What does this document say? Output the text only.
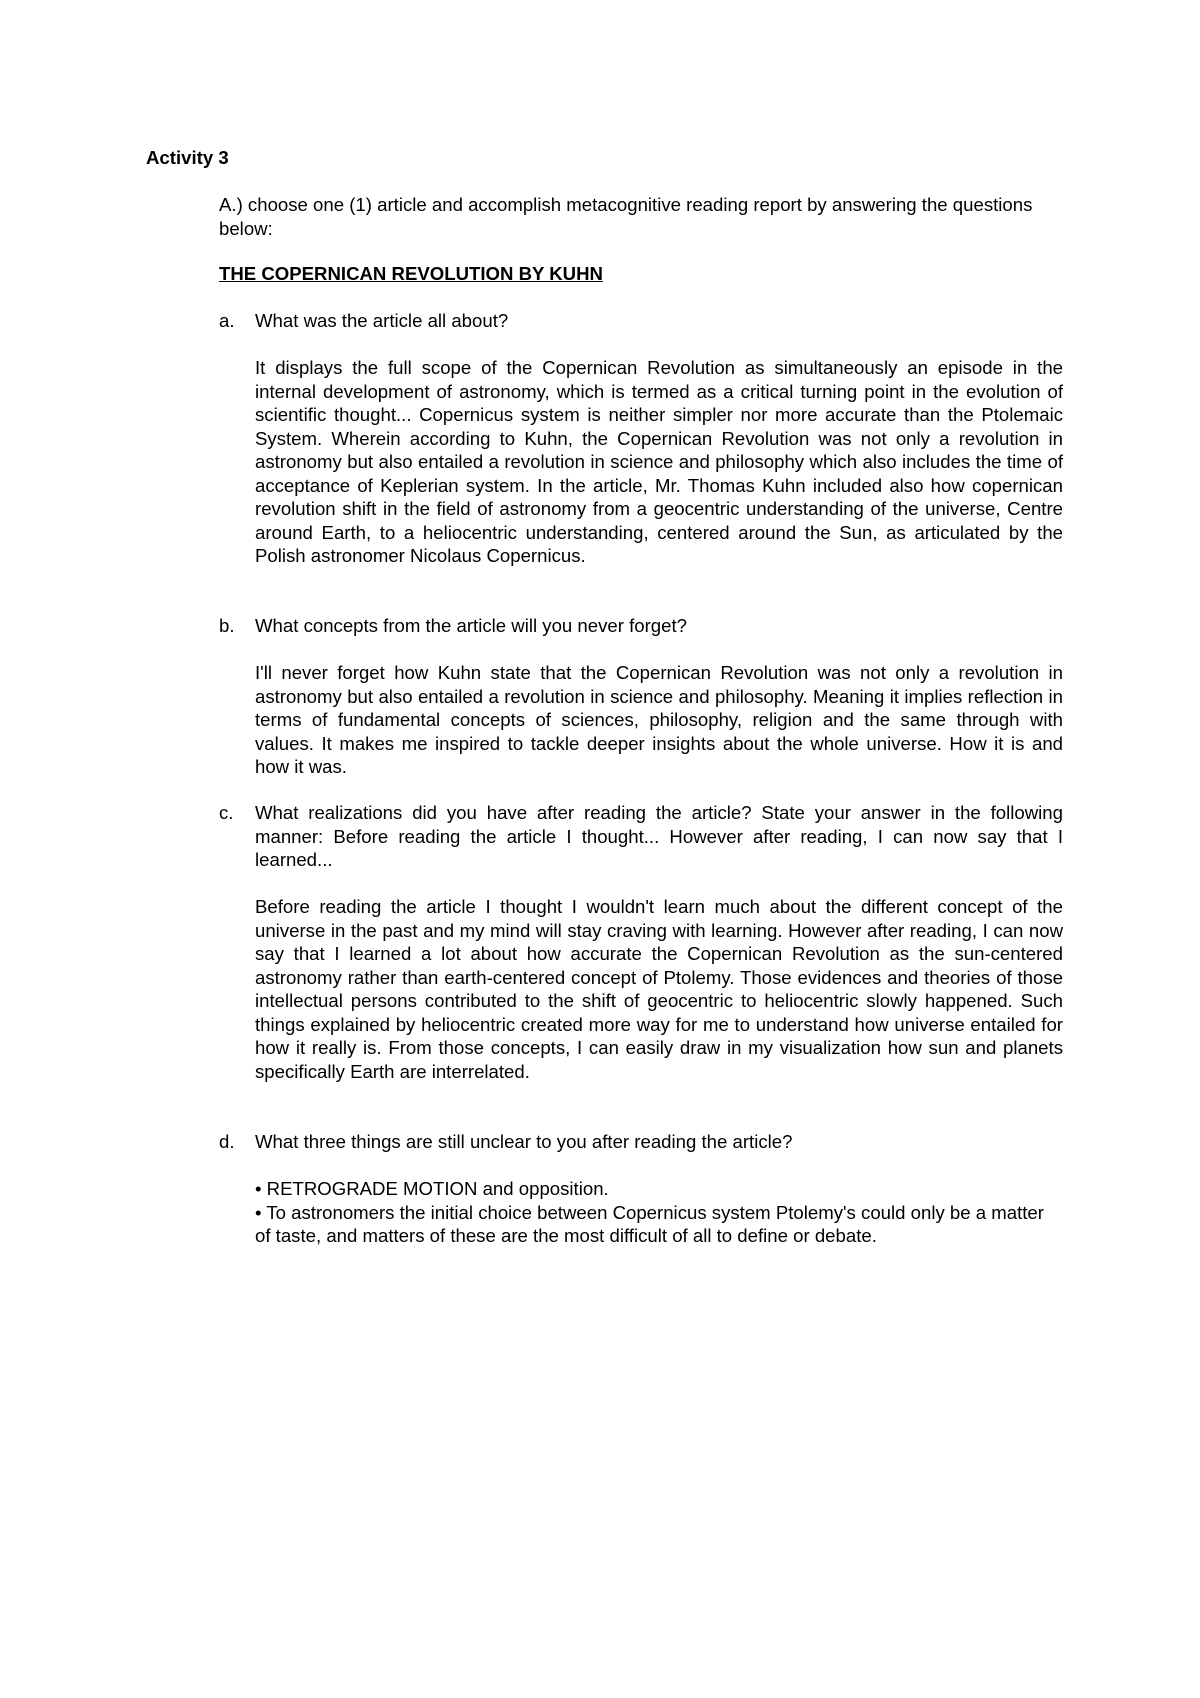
Activity 3
A.) choose one (1) article and accomplish metacognitive reading report by answering the questions below:
THE COPERNICAN REVOLUTION BY KUHN
a.	What was the article all about?
It displays the full scope of the Copernican Revolution as simultaneously an episode in the internal development of astronomy, which is termed as a critical turning point in the evolution of scientific thought... Copernicus system is neither simpler nor more accurate than the Ptolemaic System. Wherein according to Kuhn, the Copernican Revolution was not only a revolution in astronomy but also entailed a revolution in science and philosophy which also includes the time of acceptance of Keplerian system. In the article, Mr. Thomas Kuhn included also how copernican revolution shift in the field of astronomy from a geocentric understanding of the universe, Centre around Earth, to a heliocentric understanding, centered around the Sun, as articulated by the Polish astronomer Nicolaus Copernicus.
b.	What concepts from the article will you never forget?
I'll never forget how Kuhn state that the Copernican Revolution was not only a revolution in astronomy but also entailed a revolution in science and philosophy. Meaning it implies reflection in terms of fundamental concepts of sciences, philosophy, religion and the same through with values. It makes me inspired to tackle deeper insights about the whole universe. How it is and how it was.
c.	What realizations did you have after reading the article? State your answer in the following manner: Before reading the article I thought... However after reading, I can now say that I learned...
Before reading the article I thought I wouldn't learn much about the different concept of the universe in the past and my mind will stay craving with learning. However after reading, I can now say that I learned a lot about how accurate the Copernican Revolution as the sun-centered astronomy rather than earth-centered concept of Ptolemy. Those evidences and theories of those intellectual persons contributed to the shift of geocentric to heliocentric slowly happened. Such things explained by heliocentric created more way for me to understand how universe entailed for how it really is. From those concepts, I can easily draw in my visualization how sun and planets specifically Earth are interrelated.
d.	What three things are still unclear to you after reading the article?
• RETROGRADE MOTION and opposition.
• To astronomers the initial choice between Copernicus system Ptolemy's could only be a matter of taste, and matters of these are the most difficult of all to define or debate.
